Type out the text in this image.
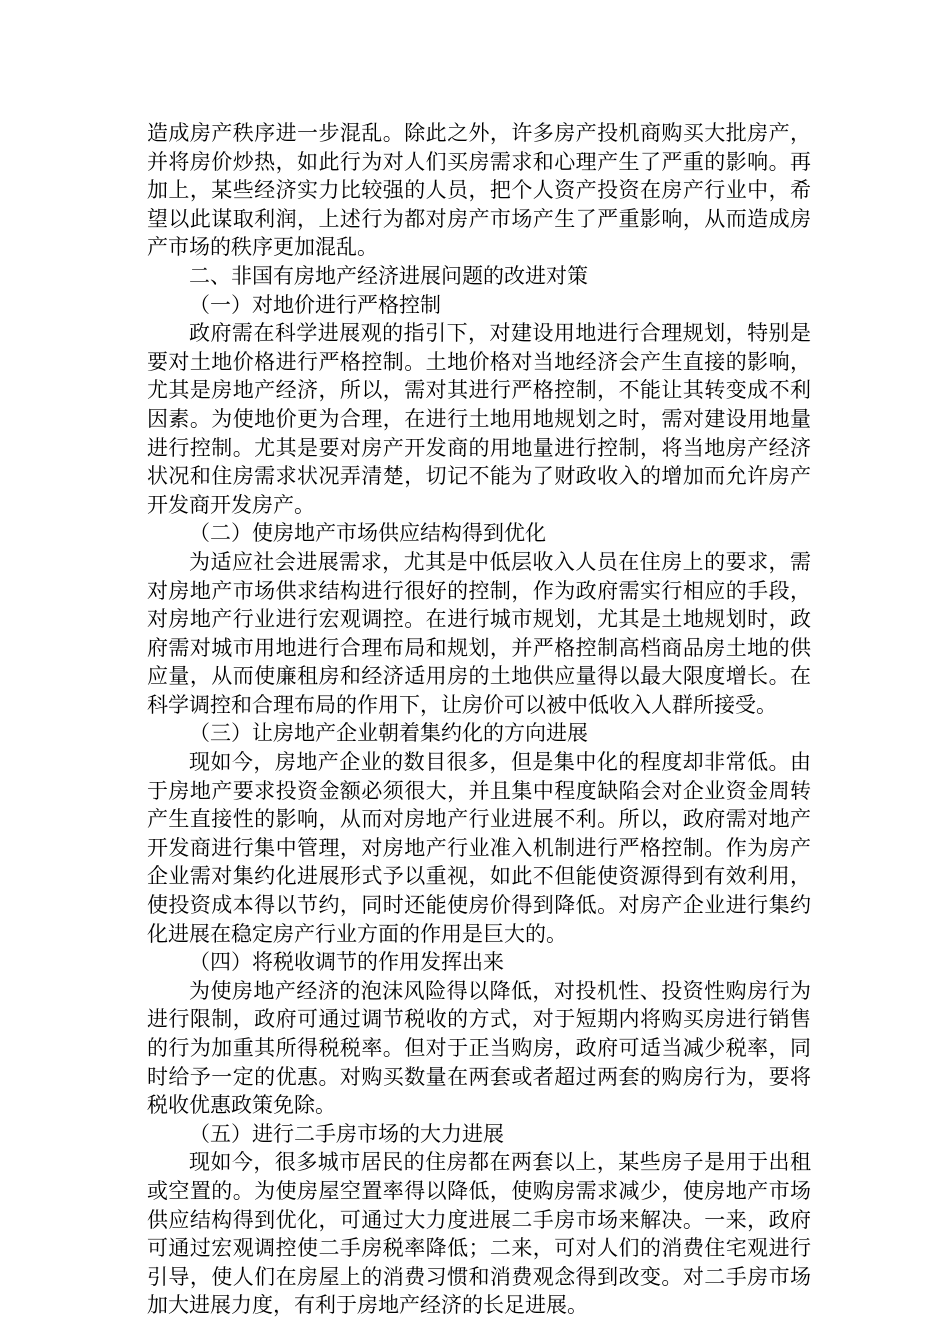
造成房产秩序进一步混乱。除此之外，许多房产投机商购买大批房产，并将房价炒热，如此行为对人们买房需求和心理产生了严重的影响。再加上，某些经济实力比较强的人员，把个人资产投资在房产行业中，希望以此谋取利润，上述行为都对房产市场产生了严重影响，从而造成房产市场的秩序更加混乱。

二、非国有房地产经济进展问题的改进对策
（一）对地价进行严格控制

政府需在科学进展观的指引下，对建设用地进行合理规划，特别是要对土地价格进行严格控制。土地价格对当地经济会产生直接的影响，尤其是房地产经济，所以，需对其进行严格控制，不能让其转变成不利因素。为使地价更为合理，在进行土地用地规划之时，需对建设用地量进行控制。尤其是要对房产开发商的用地量进行控制，将当地房产经济状况和住房需求状况弄清楚，切记不能为了财政收入的增加而允许房产开发商开发房产。

（二）使房地产市场供应结构得到优化

为适应社会进展需求，尤其是中低层收入人员在住房上的要求，需对房地产市场供求结构进行很好的控制，作为政府需实行相应的手段，对房地产行业进行宏观调控。在进行城市规划，尤其是土地规划时，政府需对城市用地进行合理布局和规划，并严格控制高档商品房土地的供应量，从而使廉租房和经济适用房的土地供应量得以最大限度增长。在科学调控和合理布局的作用下，让房价可以被中低收入人群所接受。

（三）让房地产企业朝着集约化的方向进展

现如今，房地产企业的数目很多，但是集中化的程度却非常低。由于房地产要求投资金额必须很大，并且集中程度缺陷会对企业资金周转产生直接性的影响，从而对房地产行业进展不利。所以，政府需对地产开发商进行集中管理，对房地产行业准入机制进行严格控制。作为房产企业需对集约化进展形式予以重视，如此不但能使资源得到有效利用，使投资成本得以节约，同时还能使房价得到降低。对房产企业进行集约化进展在稳定房产行业方面的作用是巨大的。

（四）将税收调节的作用发挥出来

为使房地产经济的泡沫风险得以降低，对投机性、投资性购房行为进行限制，政府可通过调节税收的方式，对于短期内将购买房进行销售的行为加重其所得税税率。但对于正当购房，政府可适当减少税率，同时给予一定的优惠。对购买数量在两套或者超过两套的购房行为，要将税收优惠政策免除。

（五）进行二手房市场的大力进展

现如今，很多城市居民的住房都在两套以上，某些房子是用于出租或空置的。为使房屋空置率得以降低，使购房需求减少，使房地产市场供应结构得到优化，可通过大力度进展二手房市场来解决。一来，政府可通过宏观调控使二手房税率降低；二来，可对人们的消费住宅观进行引导，使人们在房屋上的消费习惯和消费观念得到改变。对二手房市场加大进展力度，有利于房地产经济的长足进展。
